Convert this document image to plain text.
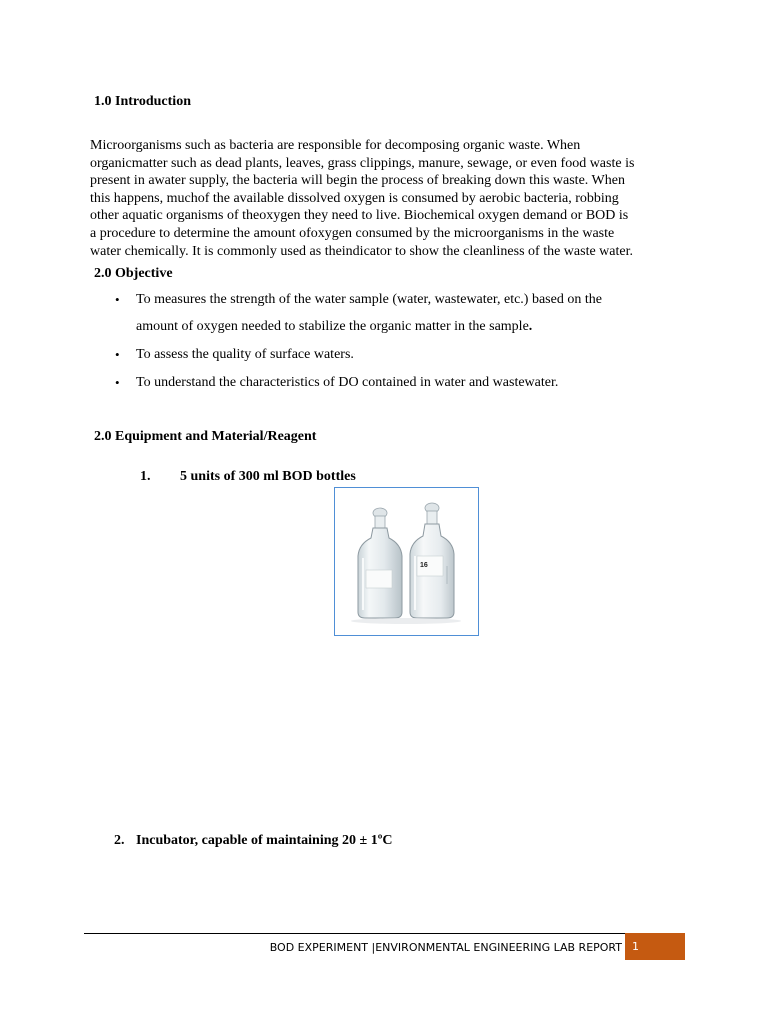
1.0 Introduction
Microorganisms such as bacteria are responsible for decomposing organic waste. When
organicmatter such as dead plants, leaves, grass clippings, manure, sewage, or even food waste is
present in awater supply, the bacteria will begin the process of breaking down this waste. When
this happens, muchof the available dissolved oxygen is consumed by aerobic bacteria, robbing
other aquatic organisms of theoxygen they need to live. Biochemical oxygen demand or BOD is
a procedure to determine the amount ofoxygen consumed by the microorganisms in the waste
water chemically. It is commonly used as theindicator to show the cleanliness of the waste water.
2.0 Objective
• To measures the strength of the water sample (water, wastewater, etc.) based on the
amount of oxygen needed to stabilize the organic matter in the sample.
• To assess the quality of surface waters.
• To understand the characteristics of DO contained in water and wastewater.
2.0 Equipment and Material/Reagent
1. 5 units of 300 ml BOD bottles
16
2. Incubator, capable of maintaining 20 ± 1ºC
BOD EXPERIMENT |ENVIRONMENTAL ENGINEERING LAB REPORT 1
